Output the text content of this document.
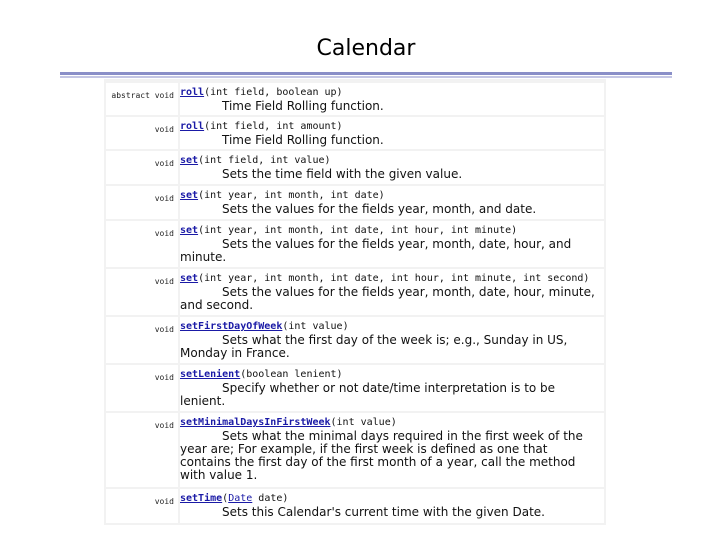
Calendar
abstract void roll(int field, boolean up)
Time Field Rolling function.
void roll(int field, int amount)
Time Field Rolling function.
void set(int field, int value)
Sets the time field with the given value.
void set(int year, int month, int date)
Sets the values for the fields year, month, and date.
void set(int year, int month, int date, int hour, int minute)
Sets the values for the fields year, month, date, hour, and minute.
void set(int year, int month, int date, int hour, int minute, int second)
Sets the values for the fields year, month, date, hour, minute, and second.
void setFirstDayOfWeek(int value)
Sets what the first day of the week is; e.g., Sunday in US, Monday in France.
void setLenient(boolean lenient)
Specify whether or not date/time interpretation is to be lenient.
void setMinimalDaysInFirstWeek(int value)
Sets what the minimal days required in the first week of the year are; For example, if the first week is defined as one that contains the first day of the first month of a year, call the method with value 1.
void setTime(Date date)
Sets this Calendar's current time with the given Date.
